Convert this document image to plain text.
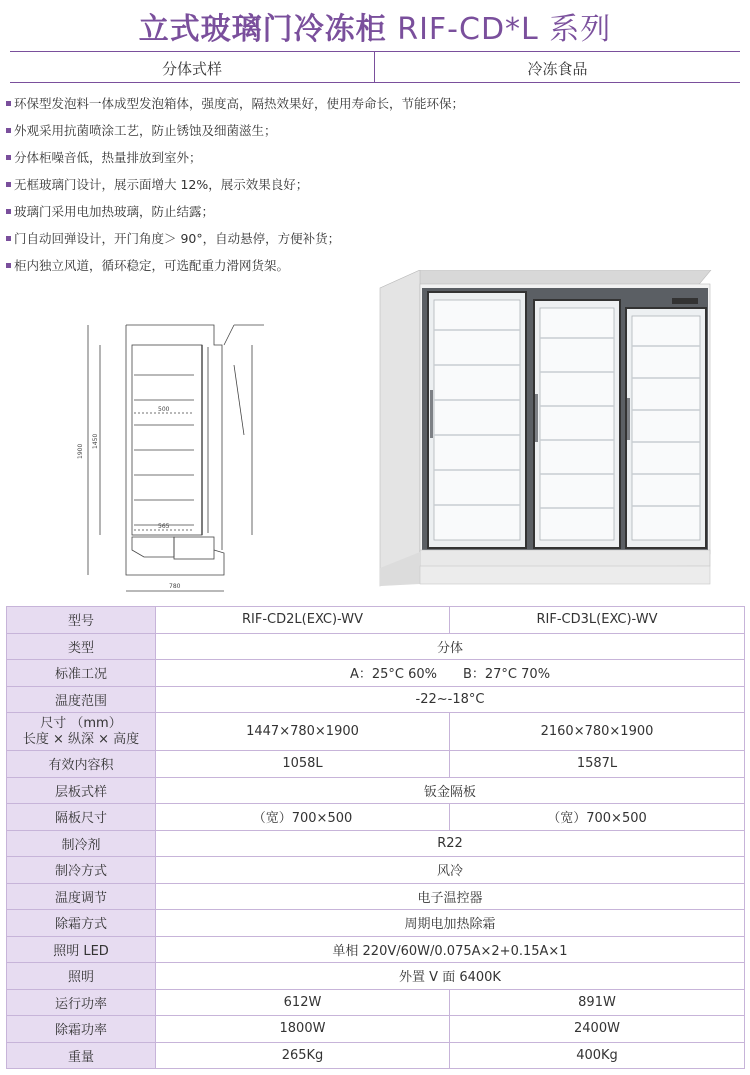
立式玻璃门冷冻柜 RIF-CD*L 系列
分体式样	冷冻食品
环保型发泡料一体成型发泡箱体，强度高，隔热效果好，使用寿命长，节能环保；
外观采用抗菌喷涂工艺，防止锈蚀及细菌滋生；
分体柜噪音低，热量排放到室外；
无框玻璃门设计，展示面增大 12%，展示效果良好；
玻璃门采用电加热玻璃，防止结露；
门自动回弹设计，开门角度＞ 90°，自动悬停，方便补货；
柜内独立风道，循环稳定，可选配重力滑网货架。
1900
1450
500
565
780
型号	RIF-CD2L(EXC)-WV	RIF-CD3L(EXC)-WV
类型	分体	
标准工况	A：25°C 60%　　B：27°C 70%	
温度范围	-22~-18°C	

尺寸 （mm）
长度 × 纵深 × 高度	1447×780×1900	2160×780×1900
有效内容积	1058L	1587L
层板式样	钣金隔板	
隔板尺寸	（宽）700×500	（宽）700×500
制冷剂	R22	
制冷方式	风冷	
温度调节	电子温控器	
除霜方式	周期电加热除霜	
照明 LED	单相 220V/60W/0.075A×2+0.15A×1	
照明	外置 V 面 6400K	
运行功率	612W	891W
除霜功率	1800W	2400W
重量	265Kg	400Kg
